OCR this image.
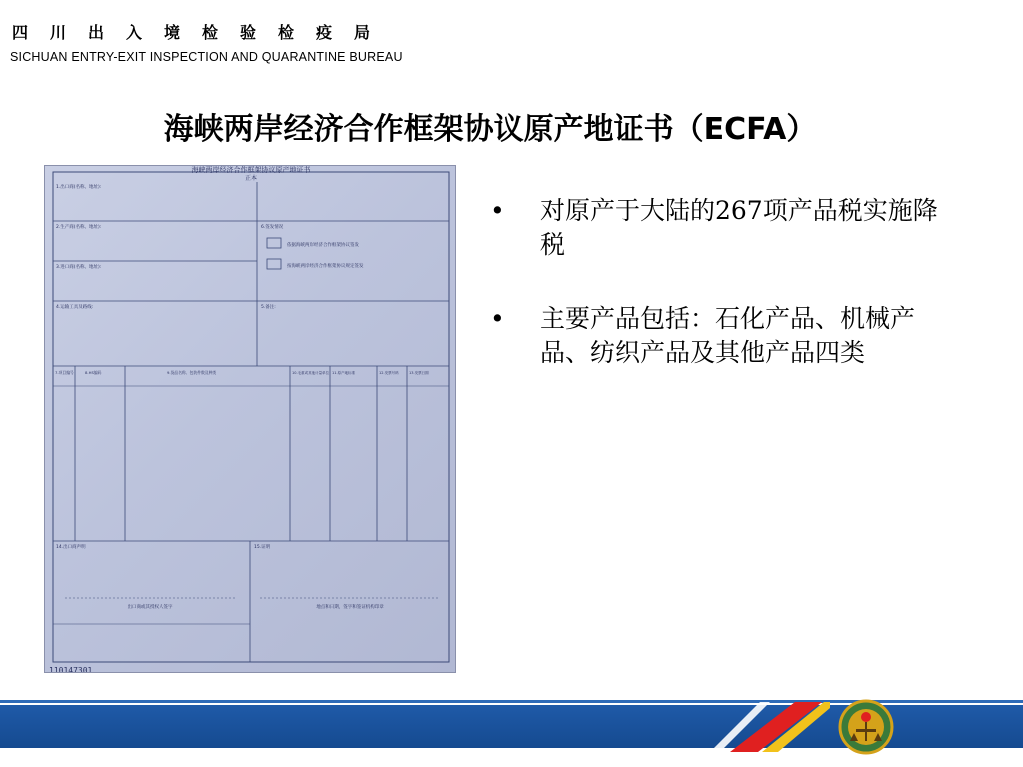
四川出入境检验检疫局
SICHUAN ENTRY-EXIT INSPECTION AND QUARANTINE BUREAU
海峡两岸经济合作框架协议原产地证书（ECFA）
海峡两岸经济合作框架协议原产地证书
正本
依据海峡两岸经济合作框架协议签发
按海峡两岸经济合作框架协议规定签发
1.出口商(名称、地址):
2.生产商(名称、地址):
3.进口商(名称、地址):
4.运输工具及路线:	5.备注:
6.签发情况
7.项目编号	8.HS编码	9.货品名称、包装件数及种类	10.毛重或其他计量单位 11.原产地标准	12.发票号码	13.发票日期
14.出口商声明	15.证明
出口商或其授权人签字	地点和日期，签字和签证机构印章
110147301
• 对原产于大陆的267项产品税实施降税
• 主要产品包括：石化产品、机械产品、纺织产品及其他产品四类
